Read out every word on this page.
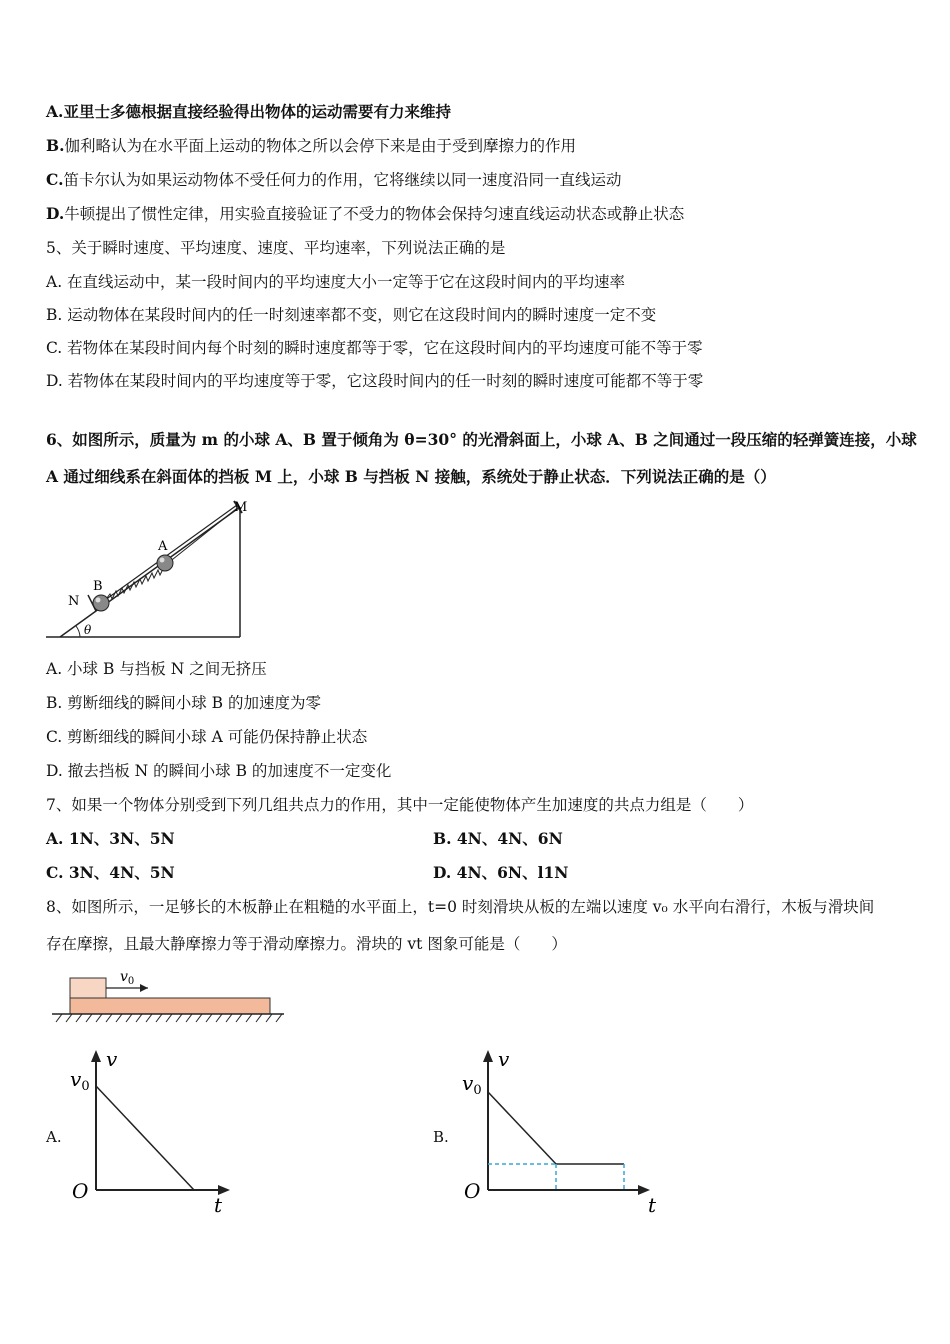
A.亚里士多德根据直接经验得出物体的运动需要有力来维持
B.伽利略认为在水平面上运动的物体之所以会停下来是由于受到摩擦力的作用
C.笛卡尔认为如果运动物体不受任何力的作用，它将继续以同一速度沿同一直线运动
D.牛顿提出了惯性定律，用实验直接验证了不受力的物体会保持匀速直线运动状态或静止状态
5、关于瞬时速度、平均速度、速度、平均速率，下列说法正确的是
A. 在直线运动中，某一段时间内的平均速度大小一定等于它在这段时间内的平均速率
B. 运动物体在某段时间内的任一时刻速率都不变，则它在这段时间内的瞬时速度一定不变
C. 若物体在某段时间内每个时刻的瞬时速度都等于零，它在这段时间内的平均速度可能不等于零
D. 若物体在某段时间内的平均速度等于零，它这段时间内的任一时刻的瞬时速度可能都不等于零
6、如图所示，质量为 m 的小球 A、B 置于倾角为 θ=30° 的光滑斜面上，小球 A、B 之间通过一段压缩的轻弹簧连接，小球
A 通过细线系在斜面体的挡板 M 上，小球 B 与挡板 N 接触，系统处于静止状态．下列说法正确的是（）
M
A
B
N
θ
A. 小球 B 与挡板 N 之间无挤压
B. 剪断细线的瞬间小球 B 的加速度为零
C. 剪断细线的瞬间小球 A 可能仍保持静止状态
D. 撤去挡板 N 的瞬间小球 B 的加速度不一定变化
7、如果一个物体分别受到下列几组共点力的作用，其中一定能使物体产生加速度的共点力组是（　　）
A. 1N、3N、5N	B. 4N、4N、6N
C. 3N、4N、5N	D. 4N、6N、l1N
8、如图所示，一足够长的木板静止在粗糙的水平面上，t=0 时刻滑块从板的左端以速度 v₀ 水平向右滑行，木板与滑块间
存在摩擦，且最大静摩擦力等于滑动摩擦力。滑块的 vt 图象可能是（　　）
$v_0$
A.
v
$v_0$
O
t
B.
v
$v_0$
O
t
